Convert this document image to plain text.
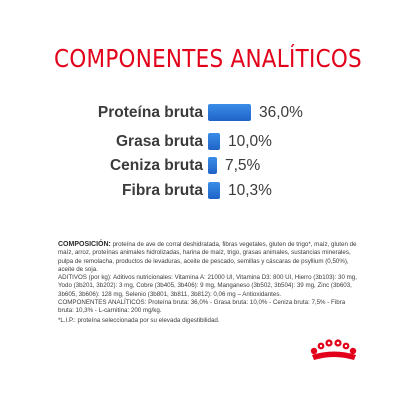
COMPONENTES ANALÍTICOS
Proteína bruta	36,0%
Grasa bruta 10,0%
Ceniza bruta 7,5%
Fibra bruta 10,3%

COMPOSICIÓN: proteína de ave de corral deshidratada, fibras vegetales, gluten de trigo*, maíz, gluten de maíz, arroz, proteínas animales hidrolizadas, harina de maíz, trigo, grasas animales, sustancias minerales, pulpa de remolacha, productos de levaduras, aceite de pescado, semillas y cáscaras de psyllium (0,50%), aceite de soja.

ADITIVOS (por kg): Aditivos nutricionales: Vitamina A: 21000 UI, Vitamina D3: 800 UI, Hierro (3b103): 30 mg, Yodo (3b201, 3b202): 3 mg, Cobre (3b405, 3b406): 9 mg, Manganeso (3b502, 3b504): 39 mg, Zinc (3b603, 3b605, 3b606): 128 mg, Selenio (3b801, 3b811, 3b812): 0,06 mg – Antioxidantes.

COMPONENTES ANALÍTICOS: Proteína bruta: 36,0% - Grasa bruta: 10,0% - Ceniza bruta: 7,5% - Fibra bruta: 10,3% - L-carnitina: 200 mg/kg.

*L.I.P.: proteína seleccionada por su elevada digestibilidad.
